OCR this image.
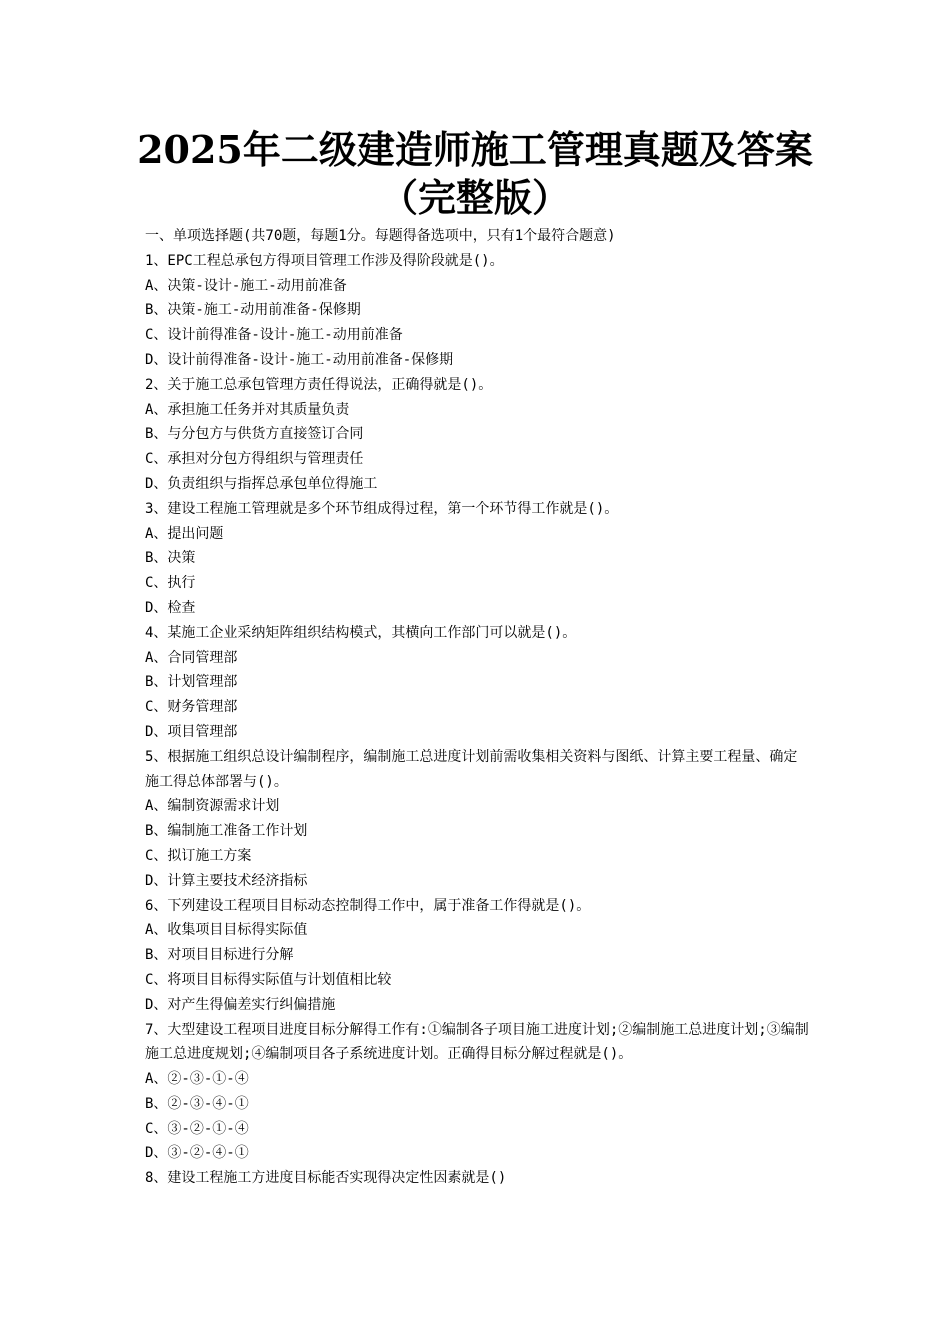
2025年二级建造师施工管理真题及答案
（完整版）
一、单项选择题(共70题，每题1分。每题得备选项中，只有1个最符合题意)
1、EPC工程总承包方得项目管理工作涉及得阶段就是()。
A、决策-设计-施工-动用前准备
B、决策-施工-动用前准备-保修期
C、设计前得准备-设计-施工-动用前准备
D、设计前得准备-设计-施工-动用前准备-保修期
2、关于施工总承包管理方责任得说法，正确得就是()。
A、承担施工任务并对其质量负责
B、与分包方与供货方直接签订合同
C、承担对分包方得组织与管理责任
D、负责组织与指挥总承包单位得施工
3、建设工程施工管理就是多个环节组成得过程，第一个环节得工作就是()。
A、提出问题
B、决策
C、执行
D、检查
4、某施工企业采纳矩阵组织结构模式，其横向工作部门可以就是()。
A、合同管理部
B、计划管理部
C、财务管理部
D、项目管理部
5、根据施工组织总设计编制程序，编制施工总进度计划前需收集相关资料与图纸、计算主要工程量、确定施工得总体部署与()。
A、编制资源需求计划
B、编制施工准备工作计划
C、拟订施工方案
D、计算主要技术经济指标
6、下列建设工程项目目标动态控制得工作中，属于准备工作得就是()。
A、收集项目目标得实际值
B、对项目目标进行分解
C、将项目目标得实际值与计划值相比较
D、对产生得偏差实行纠偏措施
7、大型建设工程项目进度目标分解得工作有:①编制各子项目施工进度计划;②编制施工总进度计划;③编制施工总进度规划;④编制项目各子系统进度计划。正确得目标分解过程就是()。
A、②-③-①-④
B、②-③-④-①
C、③-②-①-④
D、③-②-④-①
8、建设工程施工方进度目标能否实现得决定性因素就是()
